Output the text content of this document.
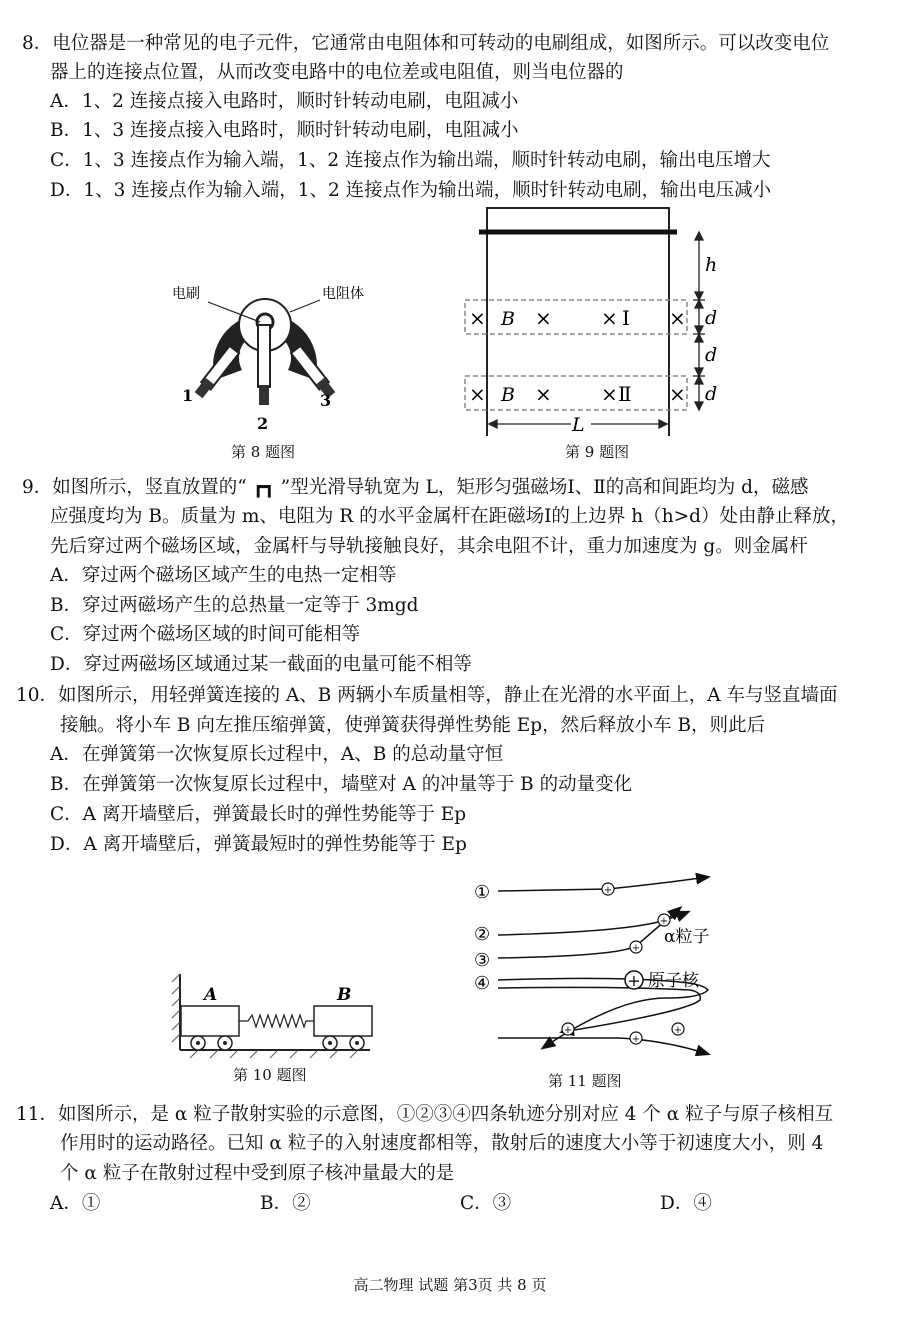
8．电位器是一种常见的电子元件，它通常由电阻体和可转动的电刷组成，如图所示。可以改变电位
器上的连接点位置，从而改变电路中的电位差或电阻值，则当电位器的
A．1、2 连接点接入电路时，顺时针转动电刷，电阻减小
B．1、3 连接点接入电路时，顺时针转动电刷，电阻减小
C．1、3 连接点作为输入端，1、2 连接点作为输出端，顺时针转动电刷，输出电压增大
D．1、3 连接点作为输入端，1、2 连接点作为输出端，顺时针转动电刷，输出电压减小
电刷	电阻体
1
2
3
第 8 题图
× × ×	×
× × ×	×
B
B
Ⅰ
Ⅱ
h
d
d
d
L
第 9 题图
9．如图所示，竖直放置的“ ┏┓ ”型光滑导轨宽为 L，矩形匀强磁场Ⅰ、Ⅱ的高和间距均为 d，磁感
应强度均为 B。质量为 m、电阻为 R 的水平金属杆在距磁场Ⅰ的上边界 h（h>d）处由静止释放，
先后穿过两个磁场区域，金属杆与导轨接触良好，其余电阻不计，重力加速度为 g。则金属杆
A．穿过两个磁场区域产生的电热一定相等
B．穿过两磁场产生的总热量一定等于 3mgd
C．穿过两个磁场区域的时间可能相等
D．穿过两磁场区域通过某一截面的电量可能不相等
10．如图所示，用轻弹簧连接的 A、B 两辆小车质量相等，静止在光滑的水平面上，A 车与竖直墙面
接触。将小车 B 向左推压缩弹簧，使弹簧获得弹性势能 Ep，然后释放小车 B，则此后
A．在弹簧第一次恢复原长过程中，A、B 的总动量守恒
B．在弹簧第一次恢复原长过程中，墙壁对 A 的冲量等于 B 的动量变化
C．A 离开墙壁后，弹簧最长时的弹性势能等于 Ep
D．A 离开墙壁后，弹簧最短时的弹性势能等于 Ep
A	B
第 10 题图
①
②
③
④
+
+
+
+
+
+
+
α粒子
原子核
第 11 题图
11．如图所示，是 α 粒子散射实验的示意图，①②③④四条轨迹分别对应 4 个 α 粒子与原子核相互
作用时的运动路径。已知 α 粒子的入射速度都相等，散射后的速度大小等于初速度大小，则 4
个 α 粒子在散射过程中受到原子核冲量最大的是
A．①	B．②	C．③	D．④
高二物理 试题 第3页 共 8 页
